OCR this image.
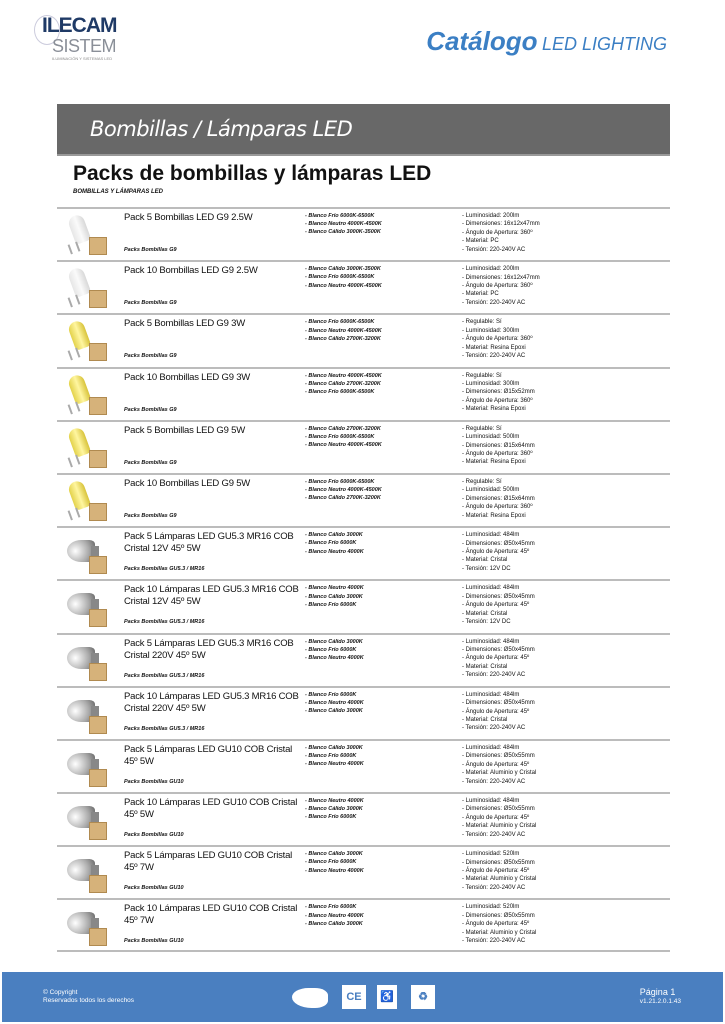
ILECAM
SISTEM
ILUMINACIÓN Y SISTEMAS LED
Catálogo LED LIGHTING
Bombillas / Lámparas LED
Packs de bombillas y lámparas LED
BOMBILLAS Y LÁMPARAS LED
Pack 5 Bombillas LED G9 2.5W
Packs Bombillas G9
- Blanco Frío 6000K-6500K
- Blanco Neutro 4000K-4500K
- Blanco Cálido 3000K-3500K
- Luminosidad: 200lm
- Dimensiones: 16x12x47mm
- Ángulo de Apertura: 360º
- Material: PC
- Tensión: 220-240V AC
Pack 10 Bombillas LED G9 2.5W
Packs Bombillas G9
- Blanco Cálido 3000K-3500K
- Blanco Frío 6000K-6500K
- Blanco Neutro 4000K-4500K
- Luminosidad: 200lm
- Dimensiones: 16x12x47mm
- Ángulo de Apertura: 360º
- Material: PC
- Tensión: 220-240V AC
Pack 5 Bombillas LED G9 3W
Packs Bombillas G9
- Blanco Frío 6000K-6500K
- Blanco Neutro 4000K-4500K
- Blanco Cálido 2700K-3200K
- Regulable: Sí
- Luminosidad: 300lm
- Ángulo de Apertura: 360º
- Material: Resina Epoxi
- Tensión: 220-240V AC
Pack 10 Bombillas LED G9 3W
Packs Bombillas G9
- Blanco Neutro 4000K-4500K
- Blanco Cálido 2700K-3200K
- Blanco Frío 6000K-6500K
- Regulable: Sí
- Luminosidad: 300lm
- Dimensiones: Ø15x52mm
- Ángulo de Apertura: 360º
- Material: Resina Epoxi
Pack 5 Bombillas LED G9 5W
Packs Bombillas G9
- Blanco Cálido 2700K-3200K
- Blanco Frío 6000K-6500K
- Blanco Neutro 4000K-4500K
- Regulable: Sí
- Luminosidad: 500lm
- Dimensiones: Ø15x64mm
- Ángulo de Apertura: 360º
- Material: Resina Epoxi
Pack 10 Bombillas LED G9 5W
Packs Bombillas G9
- Blanco Frío 6000K-6500K
- Blanco Neutro 4000K-4500K
- Blanco Cálido 2700K-3200K
- Regulable: Sí
- Luminosidad: 500lm
- Dimensiones: Ø15x64mm
- Ángulo de Apertura: 360º
- Material: Resina Epoxi
Pack 5 Lámparas LED GU5.3 MR16 COB Cristal 12V 45º 5W
Packs Bombillas GU5.3 / MR16
- Blanco Cálido 3000K
- Blanco Frío 6000K
- Blanco Neutro 4000K
- Luminosidad: 484lm
- Dimensiones: Ø50x45mm
- Ángulo de Apertura: 45º
- Material: Cristal
- Tensión: 12V DC
Pack 10 Lámparas LED GU5.3 MR16 COB Cristal 12V 45º 5W
Packs Bombillas GU5.3 / MR16
- Blanco Neutro 4000K
- Blanco Cálido 3000K
- Blanco Frío 6000K
- Luminosidad: 484lm
- Dimensiones: Ø50x45mm
- Ángulo de Apertura: 45º
- Material: Cristal
- Tensión: 12V DC
Pack 5 Lámparas LED GU5.3 MR16 COB Cristal 220V 45º 5W
Packs Bombillas GU5.3 / MR16
- Blanco Cálido 3000K
- Blanco Frío 6000K
- Blanco Neutro 4000K
- Luminosidad: 484lm
- Dimensiones: Ø50x45mm
- Ángulo de Apertura: 45º
- Material: Cristal
- Tensión: 220-240V AC
Pack 10 Lámparas LED GU5.3 MR16 COB Cristal 220V 45º 5W
Packs Bombillas GU5.3 / MR16
- Blanco Frío 6000K
- Blanco Neutro 4000K
- Blanco Cálido 3000K
- Luminosidad: 484lm
- Dimensiones: Ø50x45mm
- Ángulo de Apertura: 45º
- Material: Cristal
- Tensión: 220-240V AC
Pack 5 Lámparas LED GU10 COB Cristal 45º 5W
Packs Bombillas GU10
- Blanco Cálido 3000K
- Blanco Frío 6000K
- Blanco Neutro 4000K
- Luminosidad: 484lm
- Dimensiones: Ø50x55mm
- Ángulo de Apertura: 45º
- Material: Aluminio y Cristal
- Tensión: 220-240V AC
Pack 10 Lámparas LED GU10 COB Cristal 45º 5W
Packs Bombillas GU10
- Blanco Neutro 4000K
- Blanco Cálido 3000K
- Blanco Frío 6000K
- Luminosidad: 484lm
- Dimensiones: Ø50x55mm
- Ángulo de Apertura: 45º
- Material: Aluminio y Cristal
- Tensión: 220-240V AC
Pack 5 Lámparas LED GU10 COB Cristal 45º 7W
Packs Bombillas GU10
- Blanco Cálido 3000K
- Blanco Frío 6000K
- Blanco Neutro 4000K
- Luminosidad: 520lm
- Dimensiones: Ø50x55mm
- Ángulo de Apertura: 45º
- Material: Aluminio y Cristal
- Tensión: 220-240V AC
Pack 10 Lámparas LED GU10 COB Cristal 45º 7W
Packs Bombillas GU10
- Blanco Frío 6000K
- Blanco Neutro 4000K
- Blanco Cálido 3000K
- Luminosidad: 520lm
- Dimensiones: Ø50x55mm
- Ángulo de Apertura: 45º
- Material: Aluminio y Cristal
- Tensión: 220-240V AC
© Copyright
Reservados todos los derechos	CE	♿	♻	Página 1
v1.21.2.0.1.43
